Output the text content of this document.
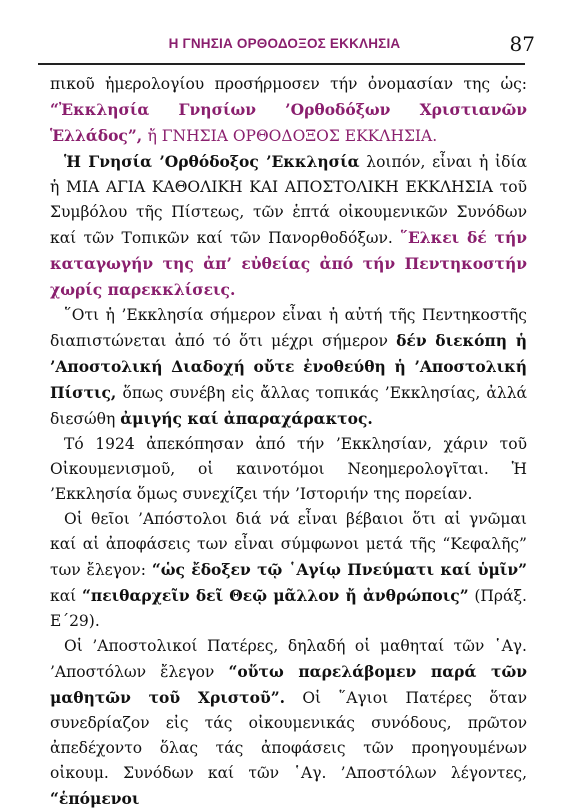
Η ΓΝΗΣΙΑ ΟΡΘΟΔΟΞΟΣ ΕΚΚΛΗΣΙΑ	87

πικοῦ ἡμερολογίου προσήρμοσεν τήν ὀνομασίαν της ὡς: “Ἐκκλησία Γνησίων ’Ορθοδόξων Χριστιανῶν Ἑλλάδος”, ἤ ΓΝΗΣΙΑ ΟΡΘΟΔΟΞΟΣ ΕΚΚΛΗΣΙΑ.

Ἡ Γνησία ’Ορθόδοξος ’Εκκλησία λοιπόν, εἶναι ἡ ἰδία ἡ ΜΙΑ ΑΓΙΑ ΚΑΘΟΛΙΚΗ ΚΑΙ ΑΠΟΣΤΟΛΙΚΗ ΕΚΚΛΗΣΙΑ τοῦ Συμβόλου τῆς Πίστεως, τῶν ἑπτά οἰκουμενικῶν Συνόδων καί τῶν Τοπικῶν καί τῶν Πανορθοδόξων. ῞Ελκει δέ τήν καταγωγήν της ἀπ’ εὐθείας ἀπό τήν Πεντηκοστήν χωρίς παρεκκλίσεις.

῞Οτι ἡ ’Εκκλησία σήμερον εἶναι ἡ αὐτή τῆς Πεντηκοστῆς διαπιστώνεται ἀπό τό ὅτι μέχρι σήμερον δέν διεκόπη ἡ ’Αποστολική Διαδοχή οὔτε ἐνοθεύθη ἡ ’Αποστολική Πίστις, ὅπως συνέβη εἰς ἄλλας τοπικάς ’Εκκλησίας, ἀλλά διεσώθη ἀμιγής καί ἀπαραχάρακτος.

Τό 1924 ἀπεκόπησαν ἀπό τήν ’Εκκλησίαν, χάριν τοῦ Οἰκουμενισμοῦ, οἱ καινοτόμοι Νεοημερολογῖται. Ἡ ’Εκκλησία ὅμως συνεχίζει τήν ’Ιστοριήν της πορείαν.

Οἱ θεῖοι ’Απόστολοι διά νά εἶναι βέβαιοι ὅτι αἱ γνῶμαι καί αἱ ἀποφάσεις των εἶναι σύμφωνοι μετά τῆς “Κεφαλῆς” των ἔλεγον: “ὡς ἔδοξεν τῷ ῾Αγίῳ Πνεύματι καί ὑμῖν” καί “πειθαρχεῖν δεῖ Θεῷ μᾶλλον ἤ ἀνθρώποις” (Πράξ. Ε΄29).

Οἱ ’Αποστολικοί Πατέρες, δηλαδή οἱ μαθηταί τῶν ῾Αγ. ’Αποστόλων ἔλεγον “οὕτω παρελάβομεν παρά τῶν μαθητῶν τοῦ Χριστοῦ”. Οἱ ῞Αγιοι Πατέρες ὅταν συνεδρίαζον εἰς τάς οἰκουμενικάς συνόδους, πρῶτον ἀπεδέχοντο ὅλας τάς ἀποφάσεις τῶν προηγουμένων οἰκουμ. Συνόδων καί τῶν ῾Αγ. ’Αποστόλων λέγοντες, “ἑπόμενοι
